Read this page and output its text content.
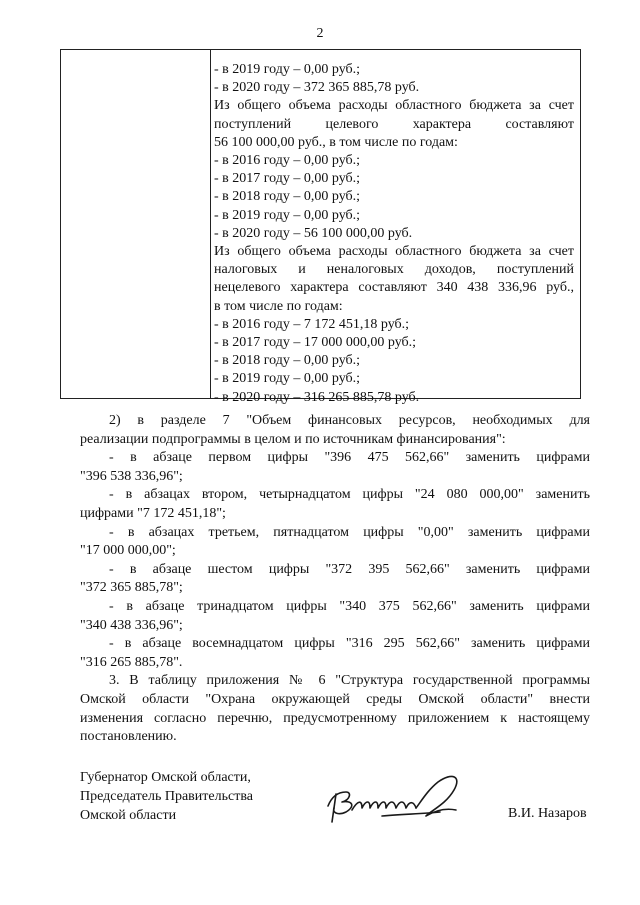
2
- в 2019 году – 0,00 руб.;
- в 2020 году – 372 365 885,78 руб.
Из общего объема расходы областного бюджета за счет
поступлений целевого характера составляют
56 100 000,00 руб., в том числе по годам:
- в 2016 году – 0,00 руб.;
- в 2017 году – 0,00 руб.;
- в 2018 году – 0,00 руб.;
- в 2019 году – 0,00 руб.;
- в 2020 году – 56 100 000,00 руб.
Из общего объема расходы областного бюджета за счет
налоговых и неналоговых доходов, поступлений
нецелевого характера составляют 340 438 336,96 руб.,
в том числе по годам:
- в 2016 году – 7 172 451,18 руб.;
- в 2017 году – 17 000 000,00 руб.;
- в 2018 году – 0,00 руб.;
- в 2019 году – 0,00 руб.;
- в 2020 году – 316 265 885,78 руб.
2) в разделе 7 "Объем финансовых ресурсов, необходимых для
реализации подпрограммы в целом и по источникам финансирования":
- в абзаце первом цифры "396 475 562,66" заменить цифрами
"396 538 336,96";
- в абзацах втором, четырнадцатом цифры "24 080 000,00" заменить
цифрами "7 172 451,18";
- в абзацах третьем, пятнадцатом цифры "0,00" заменить цифрами
"17 000 000,00";
- в абзаце шестом цифры "372 395 562,66" заменить цифрами
"372 365 885,78";
- в абзаце тринадцатом цифры "340 375 562,66" заменить цифрами
"340 438 336,96";
- в абзаце восемнадцатом цифры "316 295 562,66" заменить цифрами
"316 265 885,78".
3. В таблицу приложения № 6 "Структура государственной программы
Омской области "Охрана окружающей среды Омской области" внести
изменения согласно перечню, предусмотренному приложением к настоящему
постановлению.
Губернатор Омской области,
Председатель Правительства
Омской области	В.И. Назаров
